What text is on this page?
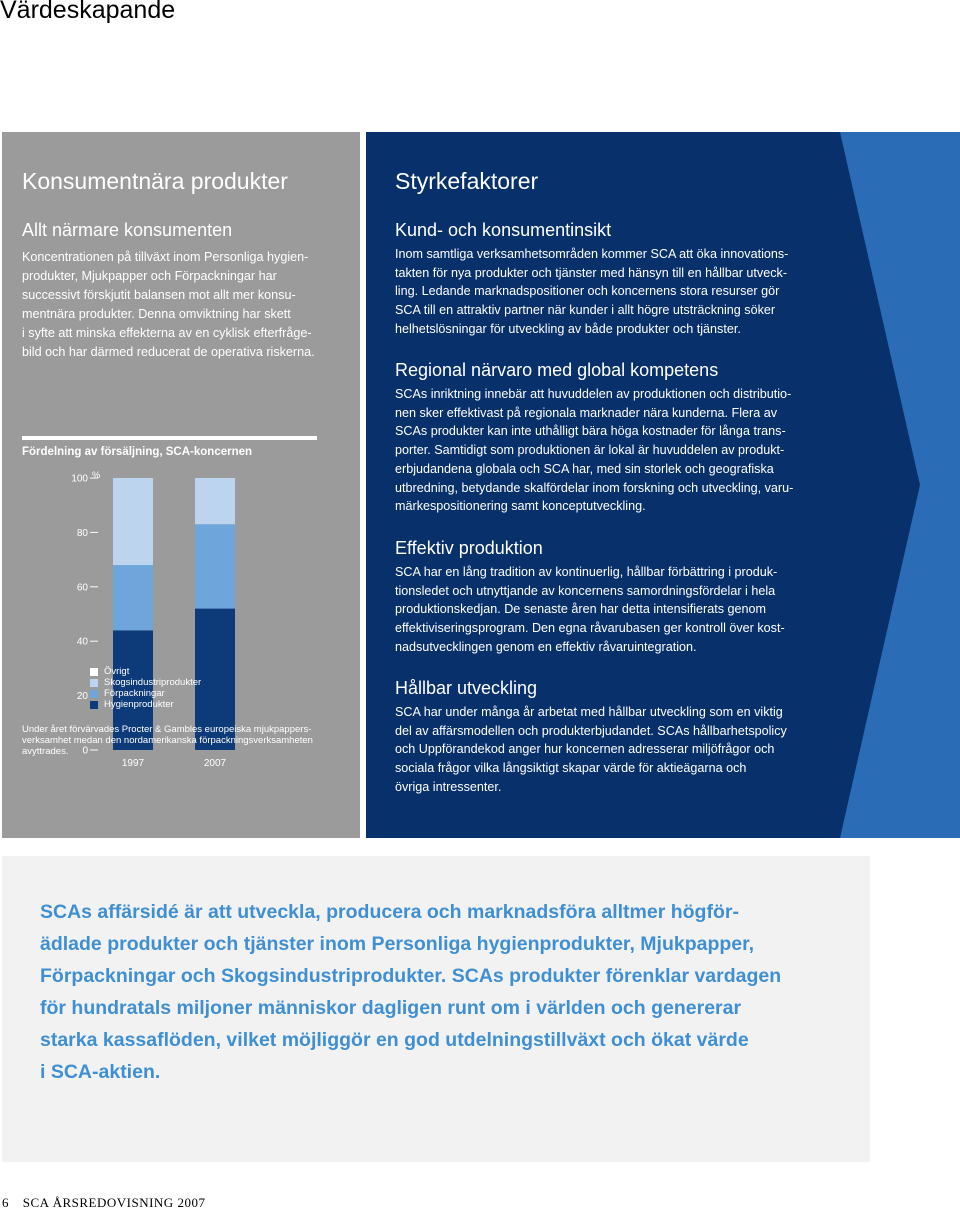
Värdeskapande
Konsumentnära produkter
Allt närmare konsumenten
Koncentrationen på tillväxt inom Personliga hygien-
produkter, Mjukpapper och Förpackningar har
successivt förskjutit balansen mot allt mer konsu-
mentnära produkter. Denna omviktning har skett
i syfte att minska effekterna av en cyklisk efterfråge-
bild och har därmed reducerat de operativa riskerna.
Fördelning av försäljning, SCA-koncernen
%
0
20
40
60
80
100
1997	2007
Övrigt
Skogsindustriprodukter
Förpackningar
Hygienprodukter
Under året förvärvades Procter & Gambles europeiska mjukpappers-
verksamhet medan den nordamerikanska förpackningsverksamheten
avyttrades.
Styrkefaktorer
Kund- och konsumentinsikt
Inom samtliga verksamhetsområden kommer SCA att öka innovations-
takten för nya produkter och tjänster med hänsyn till en hållbar utveck-
ling. Ledande marknadspositioner och koncernens stora resurser gör
SCA till en attraktiv partner när kunder i allt högre utsträckning söker
helhetslösningar för utveckling av både produkter och tjänster.
Regional närvaro med global kompetens
SCAs inriktning innebär att huvuddelen av produktionen och distributio-
nen sker effektivast på regionala marknader nära kunderna. Flera av
SCAs produkter kan inte uthålligt bära höga kostnader för långa trans-
porter. Samtidigt som produktionen är lokal är huvuddelen av produkt-
erbjudandena globala och SCA har, med sin storlek och geografiska
utbredning, betydande skalfördelar inom forskning och utveckling, varu-
märkespositionering samt konceptutveckling.
Effektiv produktion
SCA har en lång tradition av kontinuerlig, hållbar förbättring i produk-
tionsledet och utnyttjande av koncernens samordningsfördelar i hela
produktionskedjan. De senaste åren har detta intensifierats genom
effektiviseringsprogram. Den egna råvarubasen ger kontroll över kost-
nadsutvecklingen genom en effektiv råvaruintegration.
Hållbar utveckling
SCA har under många år arbetat med hållbar utveckling som en viktig
del av affärsmodellen och produkterbjudandet. SCAs hållbarhetspolicy
och Uppförandekod anger hur koncernen adresserar miljöfrågor och
sociala frågor vilka långsiktigt skapar värde för aktieägarna och
övriga intressenter.
SCAs affärsidé är att utveckla, producera och marknadsföra alltmer högför-
ädlade produkter och tjänster inom Personliga hygienprodukter, Mjukpapper,
Förpackningar och Skogsindustriprodukter. SCAs produkter förenklar vardagen
för hundratals miljoner människor dagligen runt om i världen och genererar
starka kassaflöden, vilket möjliggör en god utdelningstillväxt och ökat värde
i SCA-aktien.
6 SCA ÅRSREDOVISNING 2007
